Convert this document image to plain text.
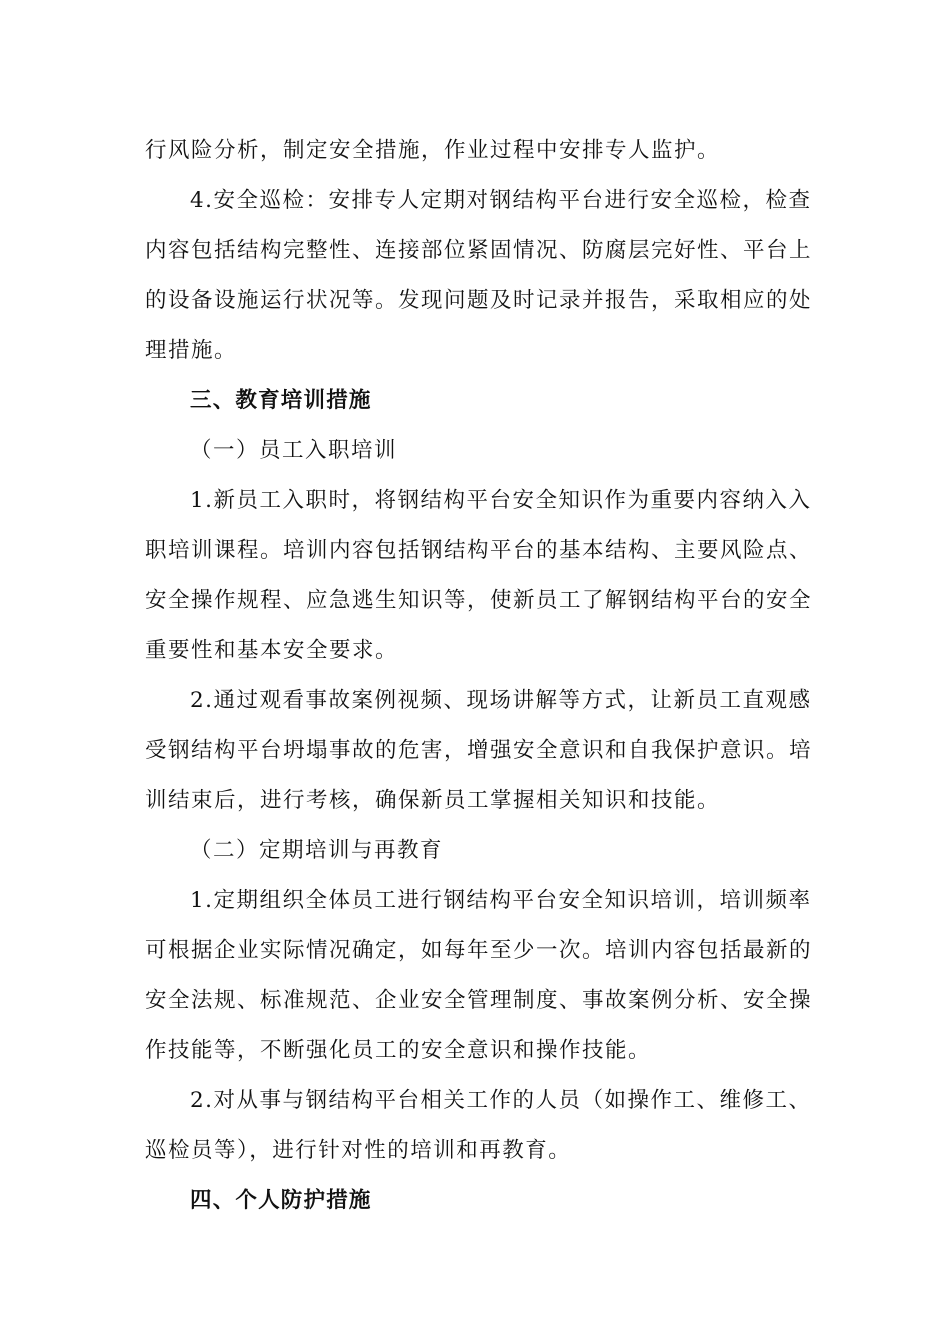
行风险分析，制定安全措施，作业过程中安排专人监护。
4.安全巡检：安排专人定期对钢结构平台进行安全巡检，检查
内容包括结构完整性、连接部位紧固情况、防腐层完好性、平台上
的设备设施运行状况等。发现问题及时记录并报告，采取相应的处
理措施。
三、教育培训措施
（一）员工入职培训
1.新员工入职时，将钢结构平台安全知识作为重要内容纳入入
职培训课程。培训内容包括钢结构平台的基本结构、主要风险点、
安全操作规程、应急逃生知识等，使新员工了解钢结构平台的安全
重要性和基本安全要求。
2.通过观看事故案例视频、现场讲解等方式，让新员工直观感
受钢结构平台坍塌事故的危害，增强安全意识和自我保护意识。培
训结束后，进行考核，确保新员工掌握相关知识和技能。
（二）定期培训与再教育
1.定期组织全体员工进行钢结构平台安全知识培训，培训频率
可根据企业实际情况确定，如每年至少一次。培训内容包括最新的
安全法规、标准规范、企业安全管理制度、事故案例分析、安全操
作技能等，不断强化员工的安全意识和操作技能。
2.对从事与钢结构平台相关工作的人员（如操作工、维修工、
巡检员等），进行针对性的培训和再教育。
四、个人防护措施
